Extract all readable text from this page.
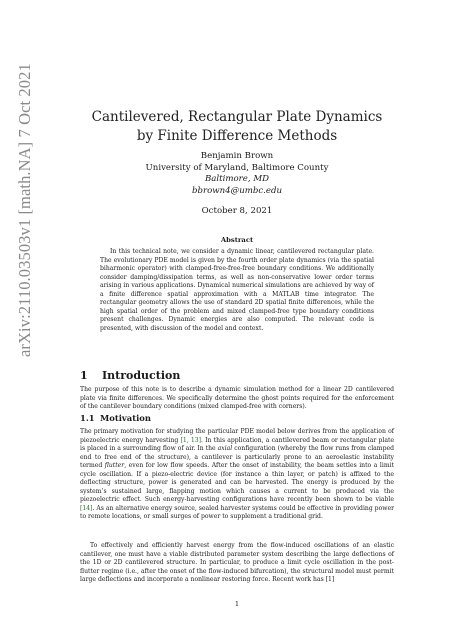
arXiv:2110.03503v1 [math.NA] 7 Oct 2021	Cantilevered, Rectangular Plate Dynamics
by Finite Difference Methods
Benjamin Brown
University of Maryland, Baltimore County
Baltimore, MD
bbrown4@umbc.edu
October 8, 2021
Abstract
In this technical note, we consider a dynamic linear, cantilevered rectangular plate. The evolutionary PDE model is given by the fourth order plate dynamics (via the spatial biharmonic operator) with clamped-free-free-free boundary conditions. We additionally consider damping/dissipation terms, as well as non-conservative lower order terms arising in various applications. Dynamical numerical simulations are achieved by way of a finite difference spatial approximation with a MATLAB time integrator. The rectangular geometry allows the use of standard 2D spatial finite differences, while the high spatial order of the problem and mixed clamped-free type boundary conditions present challenges. Dynamic energies are also computed. The relevant code is presented, with discussion of the model and context.
1 Introduction
The purpose of this note is to describe a dynamic simulation method for a linear 2D cantilevered plate via finite differences. We specifically determine the ghost points required for the enforcement of the cantilever boundary conditions (mixed clamped-free with corners).
1.1 Motivation
The primary motivation for studying the particular PDE model below derives from the application of piezoelectric energy harvesting [1, 13]. In this application, a cantilevered beam or rectangular plate is placed in a surrounding flow of air. In the axial configuration (whereby the flow runs from clamped end to free end of the structure), a cantilever is particularly prone to an aeroelastic instability termed flutter, even for low flow speeds. After the onset of instability, the beam settles into a limit cycle oscillation. If a piezo-electric device (for instance a thin layer, or patch) is affixed to the deflecting structure, power is generated and can be harvested. The energy is produced by the system’s sustained large, flapping motion which causes a current to be produced via the piezoelectric effect. Such energy-harvesting configurations have recently been shown to be viable [14]. As an alternative energy source, sealed harvester systems could be effective in providing power to remote locations, or small surges of power to supplement a traditional grid.
To effectively and efficiently harvest energy from the flow-induced oscillations of an elastic cantilever, one must have a viable distributed parameter system describing the large deflections of the 1D or 2D cantilevered structure. In particular, to produce a limit cycle oscillation in the post-flutter regime (i.e., after the onset of the flow-induced bifurcation), the structural model must permit large deflections and incorporate a nonlinear restoring force. Recent work has [1]
1
